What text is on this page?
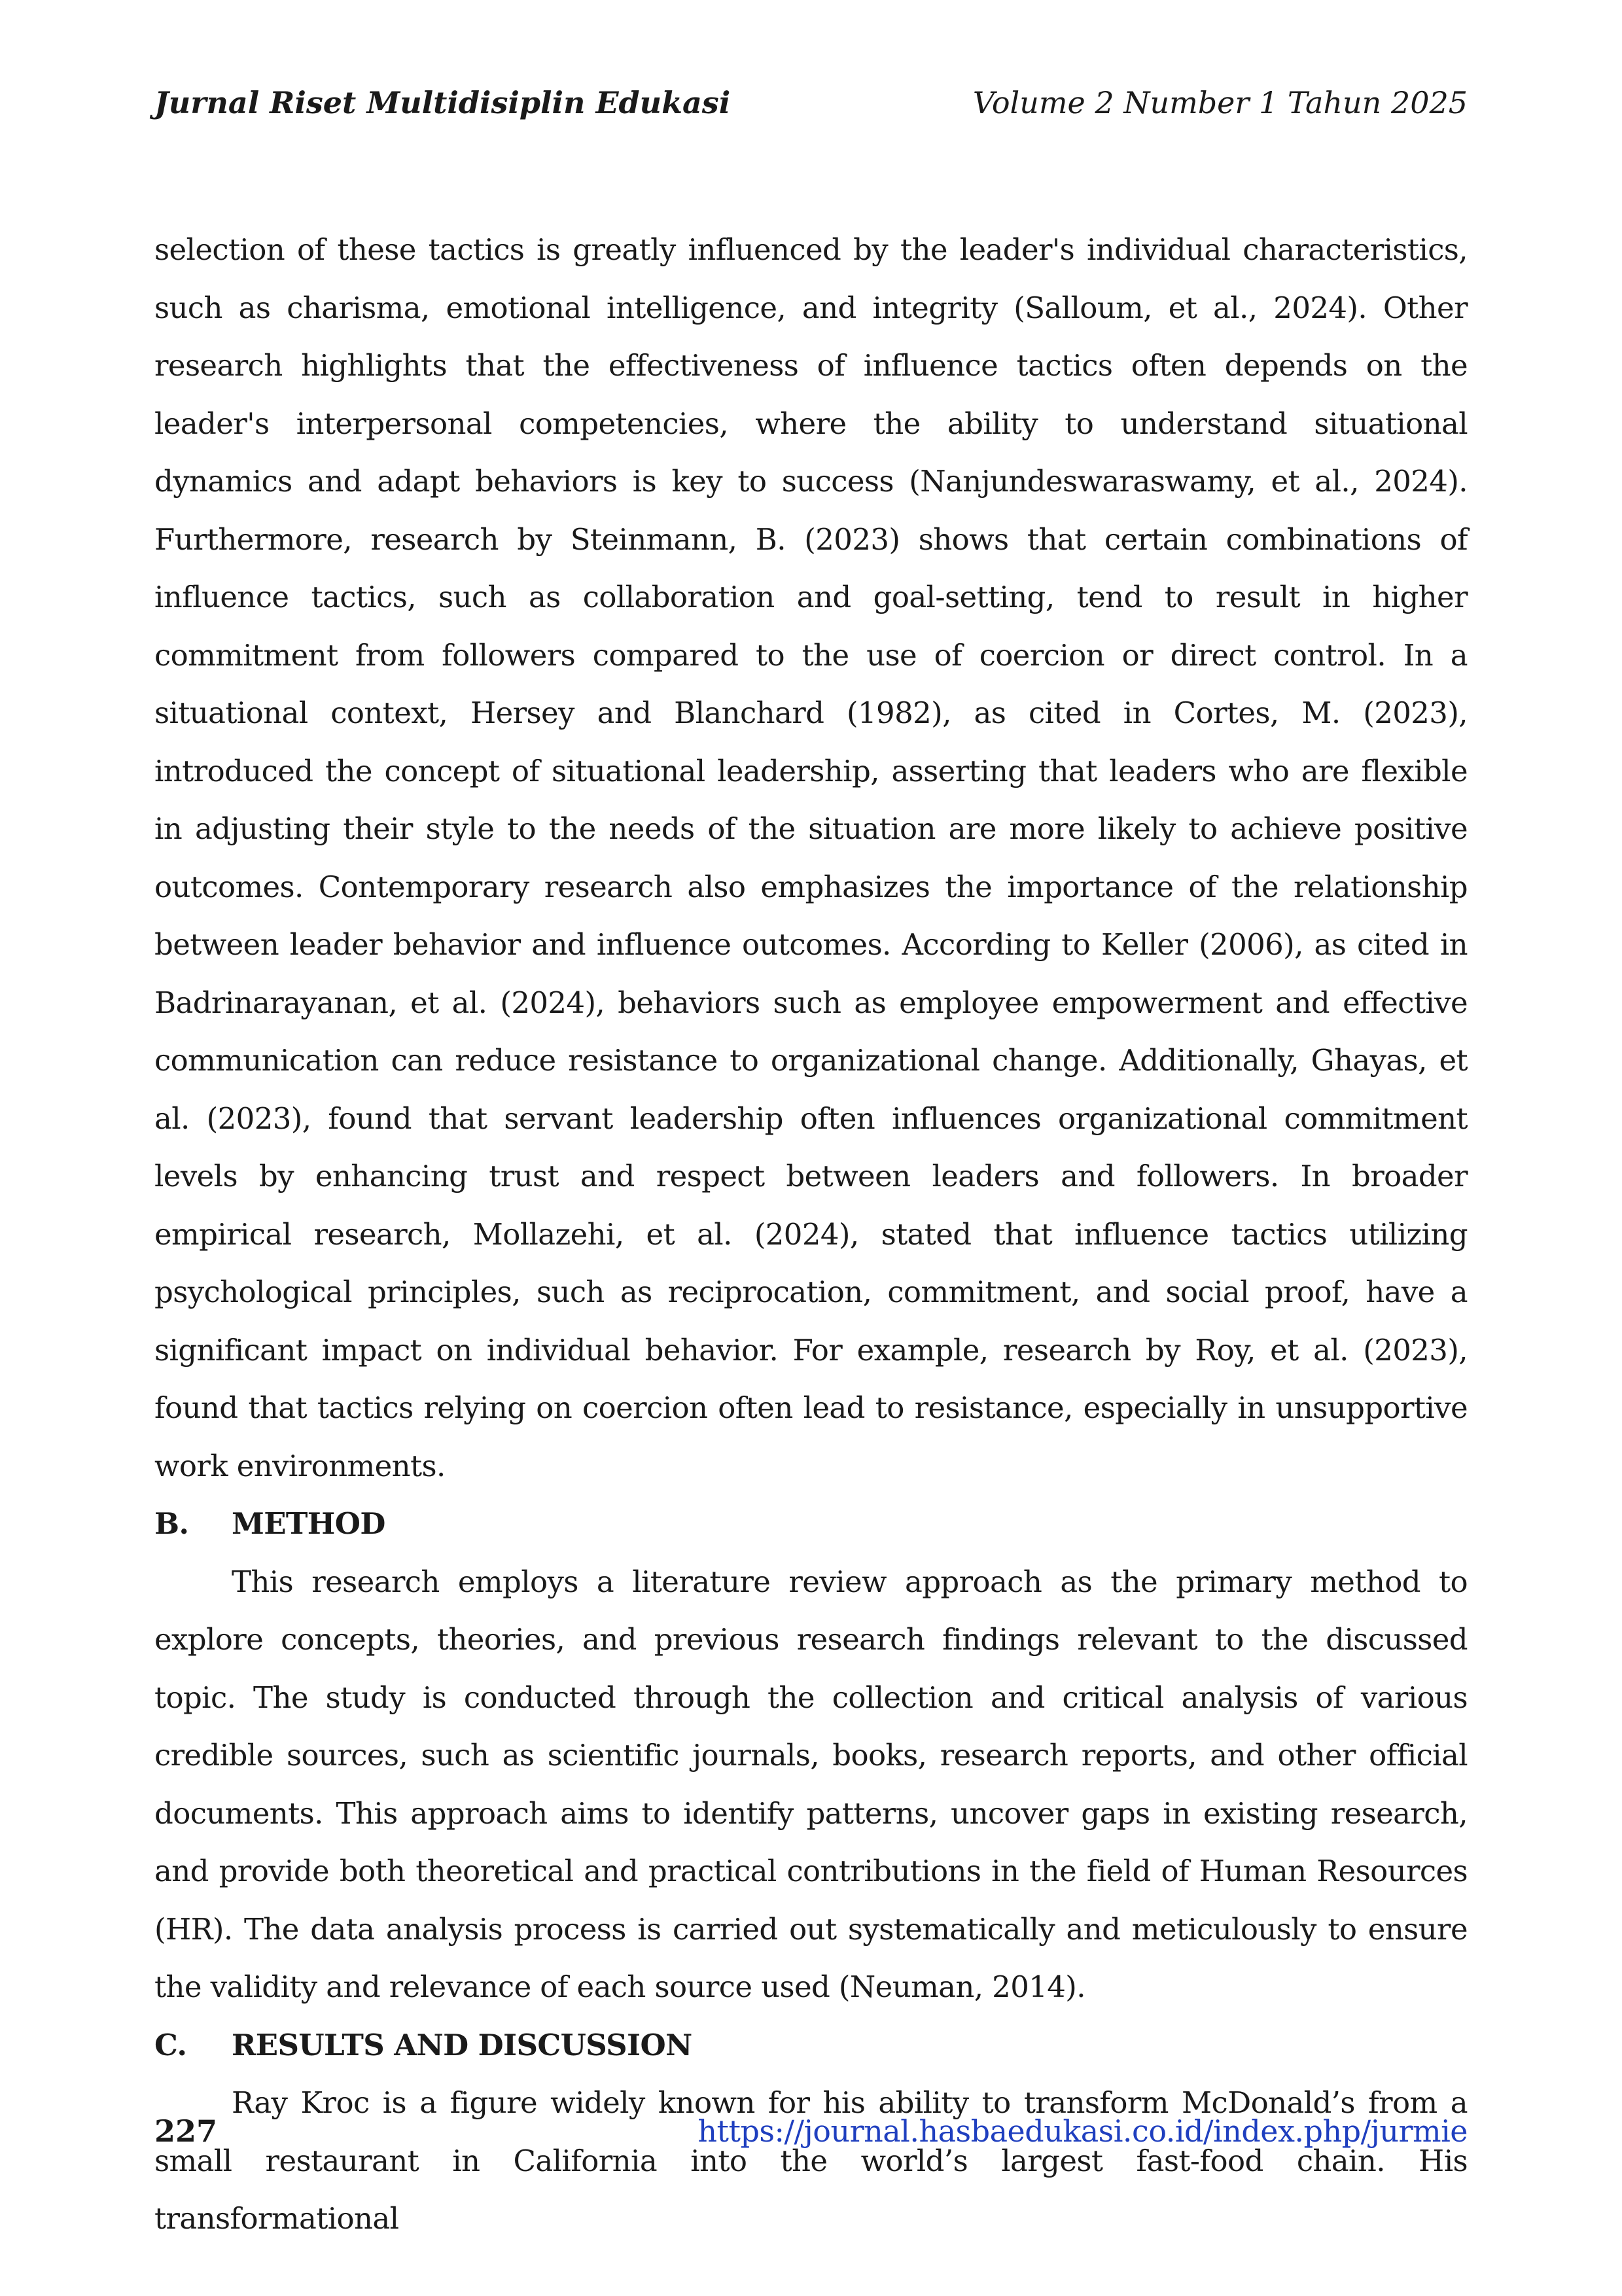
Jurnal Riset Multidisiplin Edukasi	Volume 2 Number 1 Tahun 2025

selection of these tactics is greatly influenced by the leader's individual characteristics, such as charisma, emotional intelligence, and integrity (Salloum, et al., 2024). Other research highlights that the effectiveness of influence tactics often depends on the leader's interpersonal competencies, where the ability to understand situational dynamics and adapt behaviors is key to success (Nanjundeswaraswamy, et al., 2024). Furthermore, research by Steinmann, B. (2023) shows that certain combinations of influence tactics, such as collaboration and goal-setting, tend to result in higher commitment from followers compared to the use of coercion or direct control. In a situational context, Hersey and Blanchard (1982), as cited in Cortes, M. (2023), introduced the concept of situational leadership, asserting that leaders who are flexible in adjusting their style to the needs of the situation are more likely to achieve positive outcomes. Contemporary research also emphasizes the importance of the relationship between leader behavior and influence outcomes. According to Keller (2006), as cited in Badrinarayanan, et al. (2024), behaviors such as employee empowerment and effective communication can reduce resistance to organizational change. Additionally, Ghayas, et al. (2023), found that servant leadership often influences organizational commitment levels by enhancing trust and respect between leaders and followers. In broader empirical research, Mollazehi, et al. (2024), stated that influence tactics utilizing psychological principles, such as reciprocation, commitment, and social proof, have a significant impact on individual behavior. For example, research by Roy, et al. (2023), found that tactics relying on coercion often lead to resistance, especially in unsupportive work environments.

B.	METHOD

This research employs a literature review approach as the primary method to explore concepts, theories, and previous research findings relevant to the discussed topic. The study is conducted through the collection and critical analysis of various credible sources, such as scientific journals, books, research reports, and other official documents. This approach aims to identify patterns, uncover gaps in existing research, and provide both theoretical and practical contributions in the field of Human Resources (HR). The data analysis process is carried out systematically and meticulously to ensure the validity and relevance of each source used (Neuman, 2014).

C.	RESULTS AND DISCUSSION

Ray Kroc is a figure widely known for his ability to transform McDonald’s from a small restaurant in California into the world’s largest fast-food chain. His transformational

227	https://journal.hasbaedukasi.co.id/index.php/jurmie
